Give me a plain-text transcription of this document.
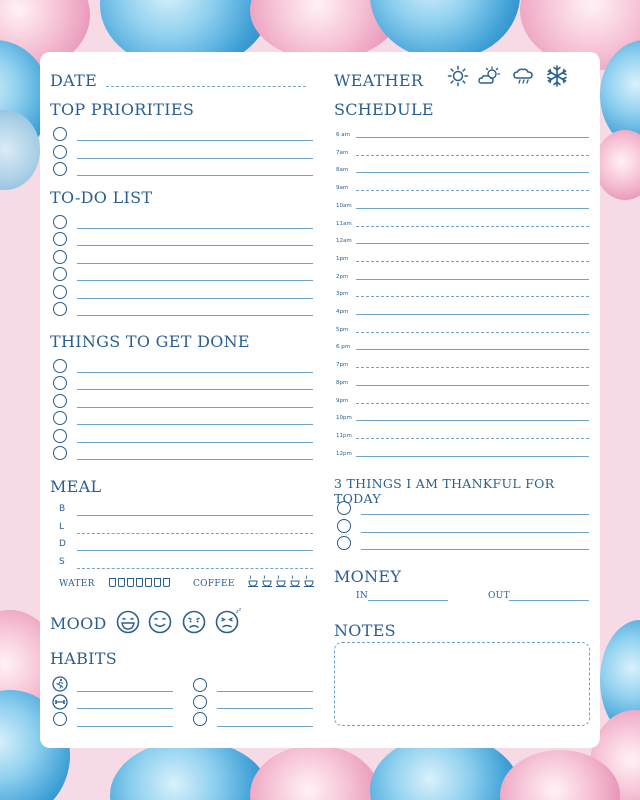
DATE	WEATHER
TOP PRIORITIES
TO-DO LIST
THINGS TO GET DONE
MEAL
B
L
D
S
WATER	COFFEE
MOOD
z z
HABITS
SCHEDULE
6 am
7am
8am
9am
10am
11am
12am
1pm
2pm
3pm
4pm
5pm
6 pm
7pm
8pm
9pm
10pm
11pm
12pm
3 THINGS I AM THANKFUL FOR TODAY
MONEY
IN	OUT
NOTES
